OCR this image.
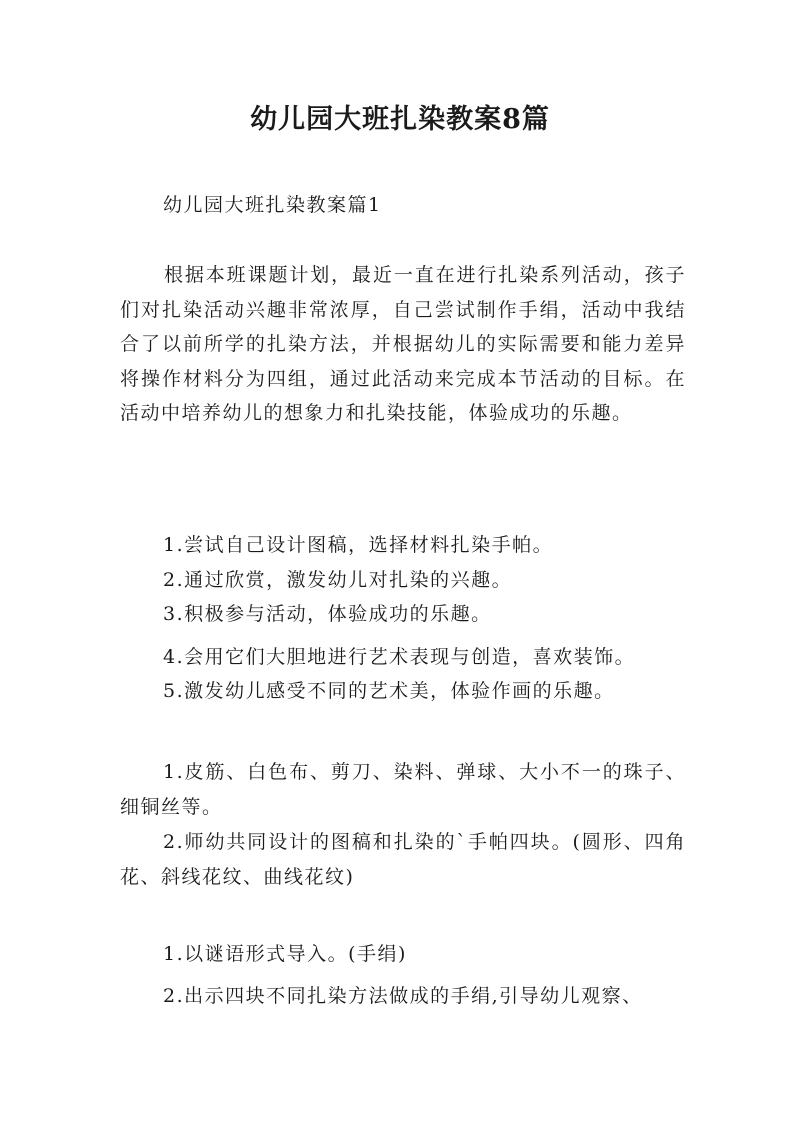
幼儿园大班扎染教案8篇

幼儿园大班扎染教案篇1

根据本班课题计划，最近一直在进行扎染系列活动，孩子们对扎染活动兴趣非常浓厚，自己尝试制作手绢，活动中我结合了以前所学的扎染方法，并根据幼儿的实际需要和能力差异将操作材料分为四组，通过此活动来完成本节活动的目标。在活动中培养幼儿的想象力和扎染技能，体验成功的乐趣。

1.尝试自己设计图稿，选择材料扎染手帕。

2.通过欣赏，激发幼儿对扎染的兴趣。

3.积极参与活动，体验成功的乐趣。

4.会用它们大胆地进行艺术表现与创造，喜欢装饰。

5.激发幼儿感受不同的艺术美，体验作画的乐趣。

1.皮筋、白色布、剪刀、染料、弹球、大小不一的珠子、细铜丝等。

2.师幼共同设计的图稿和扎染的`手帕四块。(圆形、四角花、斜线花纹、曲线花纹)

1.以谜语形式导入。(手绢)

2.出示四块不同扎染方法做成的手绢,引导幼儿观察、
